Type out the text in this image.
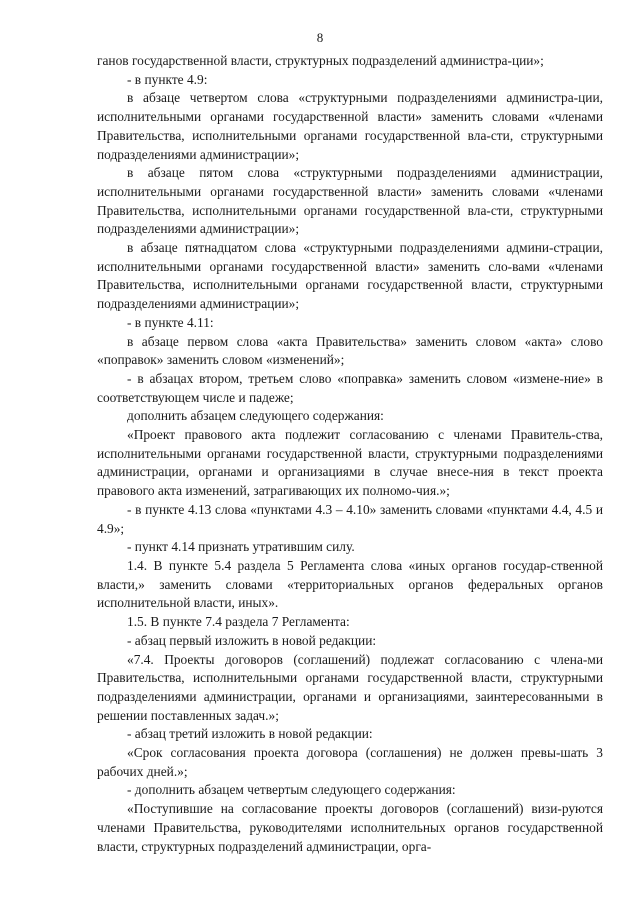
8

ганов государственной власти, структурных подразделений администра-ции»;

- в пункте 4.9:

в абзаце четвертом слова «структурными подразделениями администра-ции, исполнительными органами государственной власти» заменить словами «членами Правительства, исполнительными органами государственной вла-сти, структурными подразделениями администрации»;

в абзаце пятом слова «структурными подразделениями администрации, исполнительными органами государственной власти» заменить словами «членами Правительства, исполнительными органами государственной вла-сти, структурными подразделениями администрации»;

в абзаце пятнадцатом слова «структурными подразделениями админи-страции, исполнительными органами государственной власти» заменить сло-вами «членами Правительства, исполнительными органами государственной власти, структурными подразделениями администрации»;

- в пункте 4.11:

в абзаце первом слова «акта Правительства» заменить словом «акта» слово «поправок» заменить словом «изменений»;

- в абзацах втором, третьем слово «поправка» заменить словом «измене-ние» в соответствующем числе и падеже;

дополнить абзацем следующего содержания:

«Проект правового акта подлежит согласованию с членами Правитель-ства, исполнительными органами государственной власти, структурными подразделениями администрации, органами и организациями в случае внесе-ния в текст проекта правового акта изменений, затрагивающих их полномо-чия.»;

- в пункте 4.13 слова «пунктами 4.3 – 4.10» заменить словами «пунктами 4.4, 4.5 и 4.9»;

- пункт 4.14 признать утратившим силу.

1.4. В пункте 5.4 раздела 5 Регламента слова «иных органов государ-ственной власти,» заменить словами «территориальных органов федеральных органов исполнительной власти, иных».

1.5. В пункте 7.4 раздела 7 Регламента:

- абзац первый изложить в новой редакции:

«7.4. Проекты договоров (соглашений) подлежат согласованию с члена-ми Правительства, исполнительными органами государственной власти, структурными подразделениями администрации, органами и организациями, заинтересованными в решении поставленных задач.»;

- абзац третий изложить в новой редакции:

«Срок согласования проекта договора (соглашения) не должен превы-шать 3 рабочих дней.»;

- дополнить абзацем четвертым следующего содержания:

«Поступившие на согласование проекты договоров (соглашений) визи-руются членами Правительства, руководителями исполнительных органов государственной власти, структурных подразделений администрации, орга-
